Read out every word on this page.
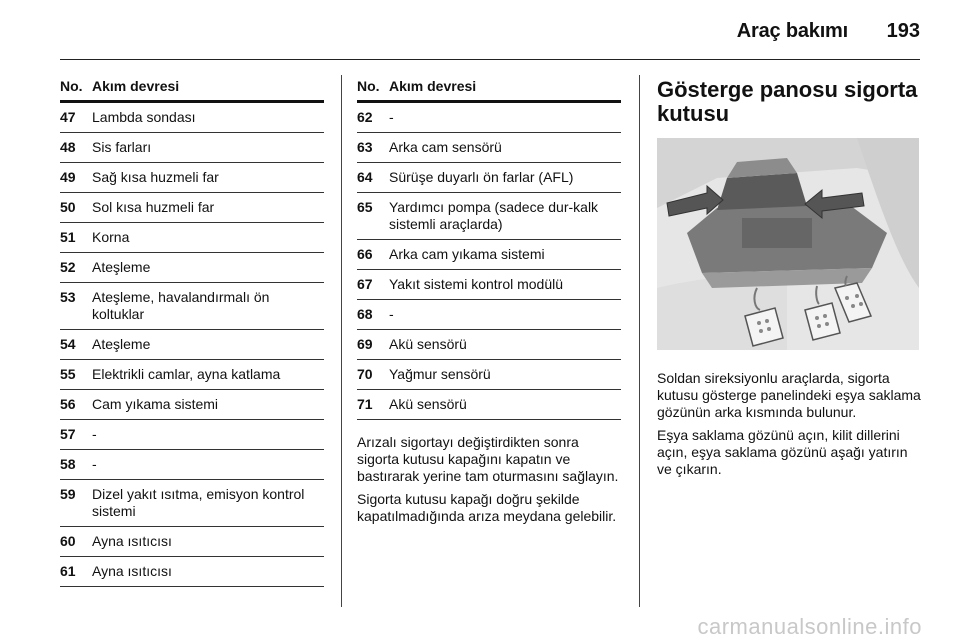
Araç bakımı 193
No. Akım devresi
47	Lambda sondası
48	Sis farları
49	Sağ kısa huzmeli far
50	Sol kısa huzmeli far
51	Korna
52	Ateşleme
53	Ateşleme, havalandırmalı ön koltuklar
54	Ateşleme
55	Elektrikli camlar, ayna katlama
56	Cam yıkama sistemi
57	-
58	-
59	Dizel yakıt ısıtma, emisyon kontrol sistemi
60	Ayna ısıtıcısı
61	Ayna ısıtıcısı
No. Akım devresi
62	-
63	Arka cam sensörü
64	Sürüşe duyarlı ön farlar (AFL)
65	Yardımcı pompa (sadece dur-kalk sistemli araçlarda)
66	Arka cam yıkama sistemi
67	Yakıt sistemi kontrol modülü
68	-
69	Akü sensörü
70	Yağmur sensörü
71	Akü sensörü

Arızalı sigortayı değiştirdikten sonra sigorta kutusu kapağını kapatın ve bastırarak yerine tam oturmasını sağlayın.

Sigorta kutusu kapağı doğru şekilde kapatılmadığında arıza meydana gelebilir.

Gösterge panosu sigorta kutusu

Soldan sireksiyonlu araçlarda, sigorta kutusu gösterge panelindeki eşya saklama gözünün arka kısmında bulunur.

Eşya saklama gözünü açın, kilit dillerini açın, eşya saklama gözünü aşağı yatırın ve çıkarın.

carmanualsonline.info
